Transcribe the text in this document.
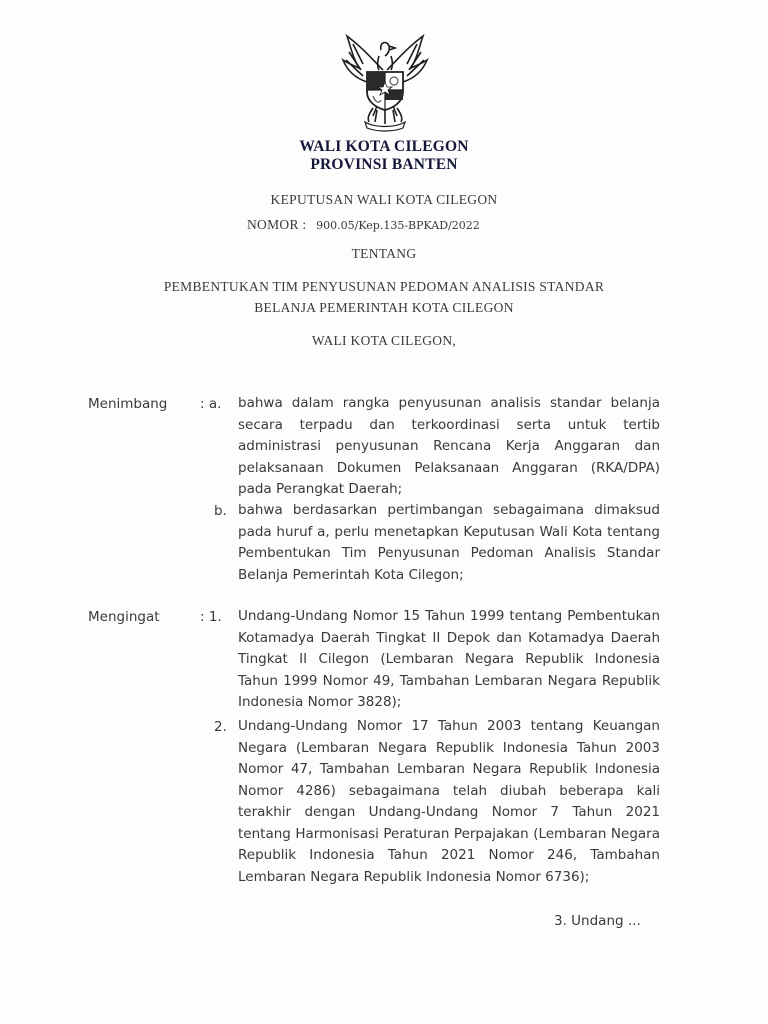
WALI KOTA CILEGON
PROVINSI BANTEN
KEPUTUSAN WALI KOTA CILEGON
NOMOR : 900.05/Kep.135-BPKAD/2022
TENTANG
PEMBENTUKAN TIM PENYUSUNAN PEDOMAN ANALISIS STANDAR
BELANJA PEMERINTAH KOTA CILEGON
WALI KOTA CILEGON,
Menimbang : a. bahwa dalam rangka penyusunan analisis standar belanja secara terpadu dan terkoordinasi serta untuk tertib administrasi penyusunan Rencana Kerja Anggaran dan pelaksanaan Dokumen Pelaksanaan Anggaran (RKA/DPA) pada Perangkat Daerah;
b. bahwa berdasarkan pertimbangan sebagaimana dimaksud pada huruf a, perlu menetapkan Keputusan Wali Kota tentang Pembentukan Tim Penyusunan Pedoman Analisis Standar Belanja Pemerintah Kota Cilegon;
Mengingat	: 1. Undang-Undang Nomor 15 Tahun 1999 tentang Pembentukan Kotamadya Daerah Tingkat II Depok dan Kotamadya Daerah Tingkat II Cilegon (Lembaran Negara Republik Indonesia Tahun 1999 Nomor 49, Tambahan Lembaran Negara Republik Indonesia Nomor 3828);
2. Undang-Undang Nomor 17 Tahun 2003 tentang Keuangan Negara (Lembaran Negara Republik Indonesia Tahun 2003 Nomor 47, Tambahan Lembaran Negara Republik Indonesia Nomor 4286) sebagaimana telah diubah beberapa kali terakhir dengan Undang-Undang Nomor 7 Tahun 2021 tentang Harmonisasi Peraturan Perpajakan (Lembaran Negara Republik Indonesia Tahun 2021 Nomor 246, Tambahan Lembaran Negara Republik Indonesia Nomor 6736);
3. Undang ...
